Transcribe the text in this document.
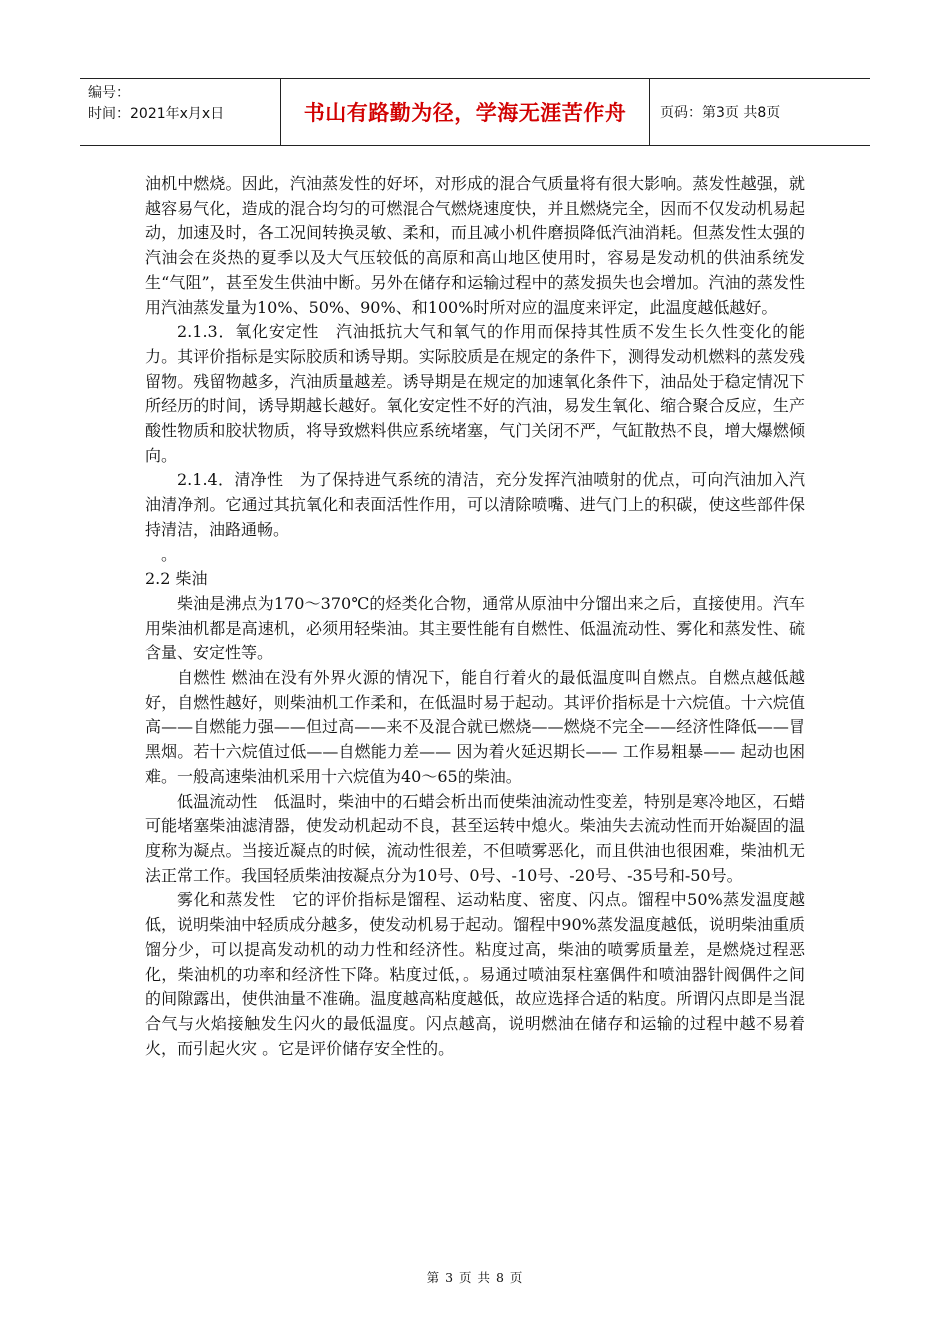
编号：
时间：2021年x月x日	书山有路勤为径，学海无涯苦作舟 页码：第3页 共8页

油机中燃烧。因此，汽油蒸发性的好坏，对形成的混合气质量将有很大影响。蒸发性越强，就越容易气化，造成的混合均匀的可燃混合气燃烧速度快，并且燃烧完全，因而不仅发动机易起动，加速及时，各工况间转换灵敏、柔和，而且减小机件磨损降低汽油消耗。但蒸发性太强的汽油会在炎热的夏季以及大气压较低的高原和高山地区使用时，容易是发动机的供油系统发生“气阻”，甚至发生供油中断。另外在储存和运输过程中的蒸发损失也会增加。汽油的蒸发性用汽油蒸发量为10%、50%、90%、和100%时所对应的温度来评定，此温度越低越好。

2.1.3．氧化安定性　汽油抵抗大气和氧气的作用而保持其性质不发生长久性变化的能力。其评价指标是实际胶质和诱导期。实际胶质是在规定的条件下，测得发动机燃料的蒸发残留物。残留物越多，汽油质量越差。诱导期是在规定的加速氧化条件下，油品处于稳定情况下所经历的时间，诱导期越长越好。氧化安定性不好的汽油，易发生氧化、缩合聚合反应，生产酸性物质和胶状物质，将导致燃料供应系统堵塞，气门关闭不严，气缸散热不良，增大爆燃倾向。

2.1.4．清净性　为了保持进气系统的清洁，充分发挥汽油喷射的优点，可向汽油加入汽油清净剂。它通过其抗氧化和表面活性作用，可以清除喷嘴、进气门上的积碳，使这些部件保持清洁，油路通畅。

。

2.2 柴油

柴油是沸点为170～370℃的烃类化合物，通常从原油中分馏出来之后，直接使用。汽车用柴油机都是高速机，必须用轻柴油。其主要性能有自燃性、低温流动性、雾化和蒸发性、硫含量、安定性等。

自燃性 燃油在没有外界火源的情况下，能自行着火的最低温度叫自燃点。自燃点越低越好，自燃性越好，则柴油机工作柔和，在低温时易于起动。其评价指标是十六烷值。十六烷值高——自燃能力强——但过高——来不及混合就已燃烧——燃烧不完全——经济性降低——冒黑烟。若十六烷值过低——自燃能力差—— 因为着火延迟期长—— 工作易粗暴—— 起动也困难。一般高速柴油机采用十六烷值为40～65的柴油。

低温流动性　低温时，柴油中的石蜡会析出而使柴油流动性变差，特别是寒冷地区，石蜡可能堵塞柴油滤清器，使发动机起动不良，甚至运转中熄火。柴油失去流动性而开始凝固的温度称为凝点。当接近凝点的时候，流动性很差，不但喷雾恶化，而且供油也很困难，柴油机无法正常工作。我国轻质柴油按凝点分为10号、0号、-10号、-20号、-35号和-50号。

雾化和蒸发性　它的评价指标是馏程、运动粘度、密度、闪点。馏程中50%蒸发温度越低，说明柴油中轻质成分越多，使发动机易于起动。馏程中90%蒸发温度越低，说明柴油重质馏分少，可以提高发动机的动力性和经济性。粘度过高，柴油的喷雾质量差，是燃烧过程恶化，柴油机的功率和经济性下降。粘度过低，。易通过喷油泵柱塞偶件和喷油器针阀偶件之间的间隙露出，使供油量不准确。温度越高粘度越低，故应选择合适的粘度。所谓闪点即是当混合气与火焰接触发生闪火的最低温度。闪点越高，说明燃油在储存和运输的过程中越不易着火，而引起火灾 。它是评价储存安全性的。

第 3 页 共 8 页
